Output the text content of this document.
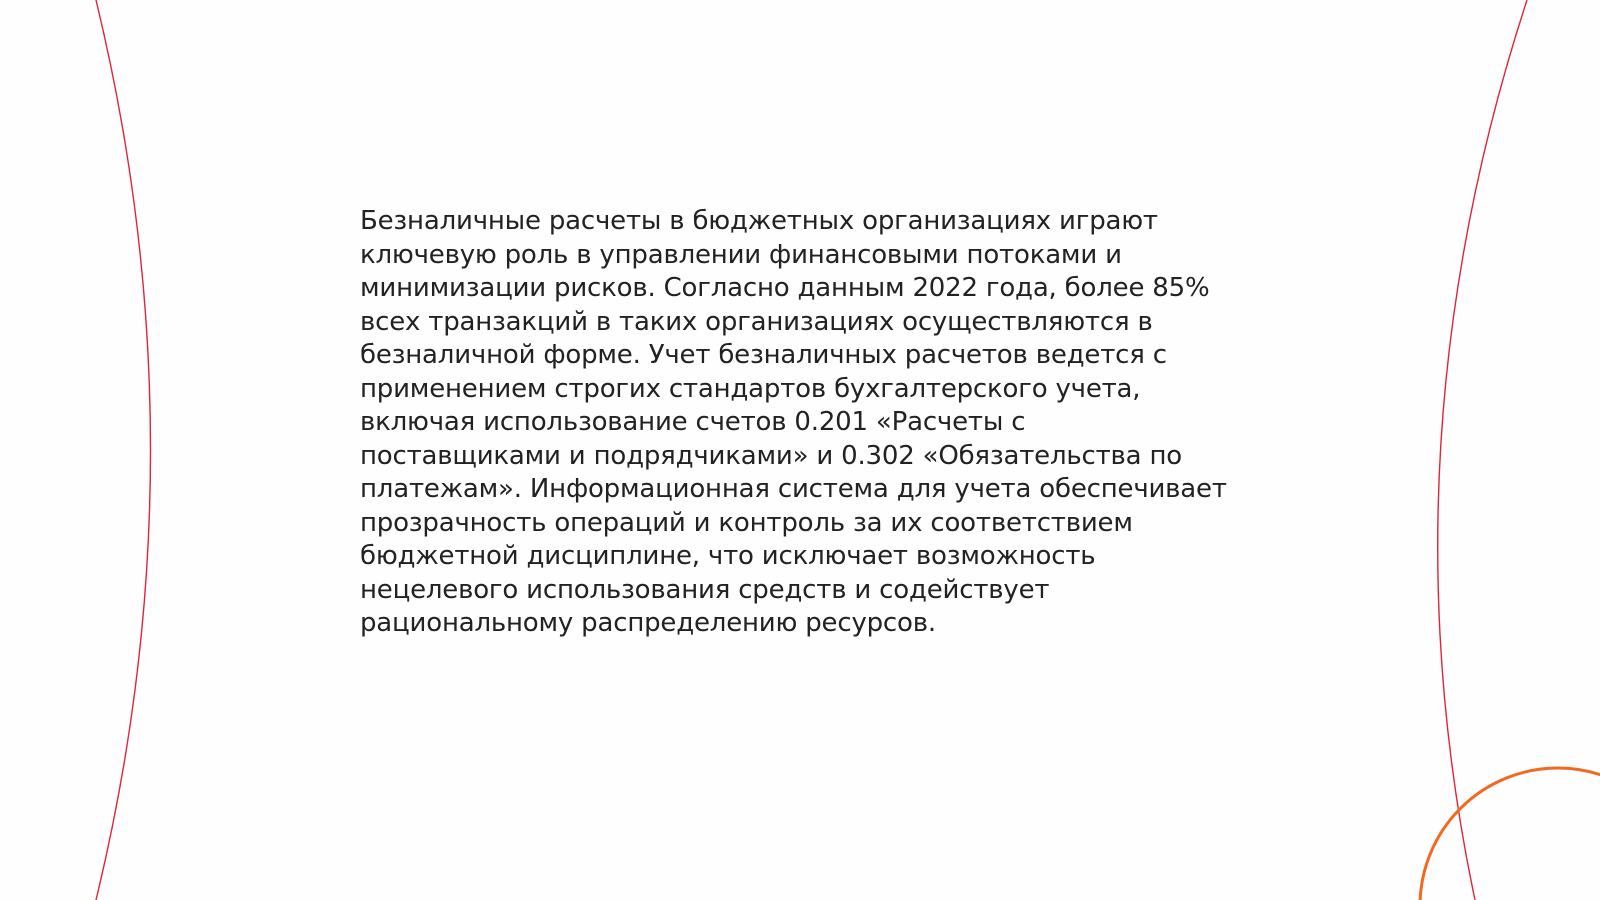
Безналичные расчеты в бюджетных организациях играют
ключевую роль в управлении финансовыми потоками и
минимизации рисков. Согласно данным 2022 года, более 85%
всех транзакций в таких организациях осуществляются в
безналичной форме. Учет безналичных расчетов ведется с
применением строгих стандартов бухгалтерского учета,
включая использование счетов 0.201 «Расчеты с
поставщиками и подрядчиками» и 0.302 «Обязательства по
платежам». Информационная система для учета обеспечивает
прозрачность операций и контроль за их соответствием
бюджетной дисциплине, что исключает возможность
нецелевого использования средств и содействует
рациональному распределению ресурсов.
